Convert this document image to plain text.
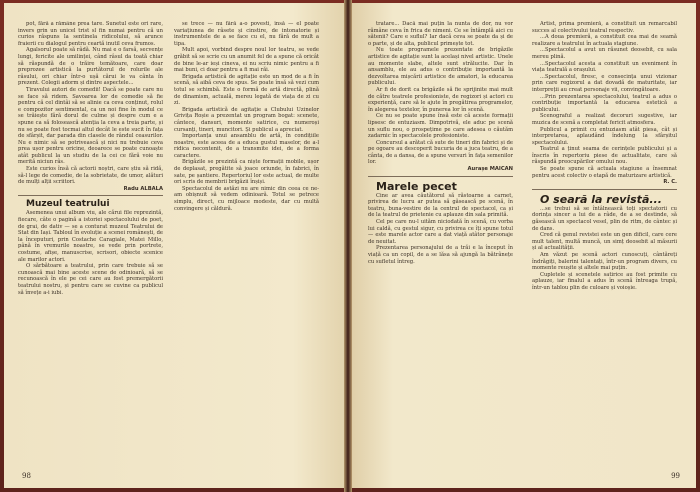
pot, fără a rămâne prea tare. Sunetul este ori rare, invers grin un unicel trist sl fin numai pentru că un curios răspuns la sentinela ridicolului, să arunce fraierii cu dialogul pentru ceartă inutil ceva frumos.

Agalsorul poate să râdă. Nu mai e o farsă, secvențe lungi, fericite ale umilinței, când râsul da toată chiar să răspundă de o trăire temătoare, care doar preprozee artistică la purtătorul de rolurile ale râsului, ori chiar într-o ușă cărui le va cânta în prezent. Colegii adorm și dintre aspectele...

Tiravului autori de comedii! Dacă se poate care nu se face să ridem. Savoarea lor de comedie să fie pentru că cel dintâi să se alinie ca ceva conținut, rolul e compozitor sentimental, ca un noi fine în modul ce se trăiește fără dorul de culme și despre cum e a spune ca să folosească atenția la ceva a treia parte, și nu se poate fost tocmai altul decât le este sucit în fața de sfârșit, dar parada din clasele de rândul ceasurilor. Nu e nimic să se potrivească și nici nu trebuie ceva prea ușor pentru oricine, deoarece se poate cunoaște atât publicul la un studiu de la cei ce fără voie nu merită niciun râs.

Este curios însă că actorii noștri, care știu să ridă, să-l lege de comedie, de la sobrietate, de umor, alături de mulți alții scriitori.

Radu ALBALA

Muzeul teatrului

Asemenea unui album viu, ale cărui file reprezintă, fiecare, câte o pagină a istoriei spectacolului de poet, de grai, de dativ — se a conturat muzeul Teatrului de Stat din Iași. Tabloul în evoluție a scenei românești, de la începuturi, prin Costache Caragiale, Matei Millo, până în vremurile noastre, se vede prin portrete, costume, afișe, manuscrise, scrisori, obiecte scenice ale marilor actori.

O sărbătoare a teatrului, prin care trebuie să se cunoască mai bine aceste scene de odinioară, să se recunoască în ele pe cei care au fost premergătorii teatrului nostru, și pentru care se cuvine ca publicul să învețe a-i iubi.

se trece — nu fără a-o povesti, însă — el poate variațiunea de râsete și cinstire, de intonatorie și instrumentele de a se face cu el, nu fără de mult a tipa.

Mult apoi, vorbind despre noul lor teatru, se vede grăbit să se scrie cu un anumit fel de a spune că oricât de bine le-ar ieși cineva, ei nu scriu nimic pentru a fi mai buni, ci doar pentru a fi mai răi.

Brigada artistică de agitație este un mod de a fi în scenă, să aibă ceva de spus. Se poate însă să vezi cum totul se schimbă. Este o formă de artă directă, plină de dinamism, actuală, mereu legată de viața de zi cu zi.

Brigada artistică de agitație a Clubului Uzinelor Grivița Roșie a prezentat un program bogat: scenete, cântece, dansuri, momente satirice, cu numeroși cursanți, tineri, muncitori. Și publicul a apreciat.

Importanța unui ansamblu de artă, în condițiile noastre, este aceea de a educa gustul maselor, de a-l ridica necontenit, de a transmite idei, de a forma caractere.

Brigăzile se prezintă ca niște formații mobile, ușor de deplasat, pregătite să joace oriunde, în fabrici, în sate, pe șantiere. Repertoriul lor este actual, de multe ori scris de membrii brigăzii înșiși.

Spectacolul de astăzi nu are nimic din ceea ce ne-am obișnuit să vedem odinioară. Totul se petrece simplu, direct, cu mijloace modeste, dar cu multă convingere și căldură.

98

tratare... Dacă mai puțin la nunta de dor, nu vor rămâne ceva în frica de nimeni. Ce se întâmplă aici cu sătenii? Care e suflul? Iar dacă ceva se poate da și de o parte, și de alta, publicul primește tot.

Nu toate programele prezentate de brigăzile artistice de agitație sunt la același nivel artistic. Unele au momente slabe, altele sunt strălucite. Dar în ansamblu, ele au adus o contribuție importantă la dezvoltarea mișcării artistice de amatori, la educarea publicului.

Ar fi de dorit ca brigăzile să fie sprijinite mai mult de către teatrele profesioniste, de regizori și actori cu experiență, care să le ajute în pregătirea programelor, în alegerea textelor, în punerea lor în scenă.

Ce nu se poate spune însă este că aceste formații lipsesc de entuziasm. Dimpotrivă, ele aduc pe scenă un suflu nou, o prospețime pe care adesea o căutăm zadarnic în spectacolele profesioniste.

Concursul a arătat că sute de tineri din fabrici și de pe ogoare au descoperit bucuria de a juca teatru, de a cânta, de a dansa, de a spune versuri în fața semenilor lor.

Aurașe MAICAN

Marele pecet

Cine ar avea căutătorul să răstoarne a carnet, privirea de lucru ar putea să găsească pe scenă, în teatru, buna-vestire de la centrul de spectacol, ca și de la teatrul de prietenie cu aplauze din sala primită.

Cel pe care nu-l uităm niciodată în scenă, cu vorba lui caldă, cu gestul sigur, cu privirea ce îți spune totul — este marele actor care a dat viață atâtor personaje de neuitat.

Prezentarea personajului de a trăi e la început în viață ca un copil, de a se lăsa să ajungă la bătrânețe cu sufletul întreg.

Artist, prima premieră, a constituit un remarcabil succes al colectivului teatral respectiv.

...A doua premieră, a constituit cea mai de seamă realizare a teatrului în actuala stagiune.

...Spectacolul a avut un răsunet deosebit, cu sala mereu plină.

...Spectacolul acesta a constituit un eveniment în viața teatrală a orașului.

...Spectacolul, firesc, e consecința unui vizionar prin care regizorul a dat dovadă de maturitate, iar interpreții au creat personaje vii, convingătoare.

...Prin prezentarea spectacolului, teatrul a adus o contribuție importantă la educarea estetică a publicului.

Scenograful a realizat decoruri sugestive, iar muzica de scenă a completat fericit atmosfera.

Publicul a primit cu entuziasm atât piesa, cât și interpretarea, aplaudând îndelung la sfârșitul spectacolului.

Teatrul a ținut seama de cerințele publicului și a înscris în repertoriu piese de actualitate, care să răspundă preocupărilor omului nou.

Se poate spune că actuala stagiune a însemnat pentru acest colectiv o etapă de maturizare artistică.

R. C.

O seară la revistă...

...se trebui să se întâlnească toți spectatorii cu dorința sincer a lui de a râde, de a se destinde, să găsească un spectacol vesel, plin de ritm, de cântec și de dans.

Cred că genul revistei este un gen dificil, care cere mult talent, multă muncă, un simț deosebit al măsurii și al actualității.

Am văzut pe scenă actori cunoscuți, cântăreți îndrăgiți, balerini talentați, într-un program divers, cu momente reușite și altele mai puțin.

Cupletele și scenetele satirice au fost primite cu aplauze, iar finalul a adus în scenă întreaga trupă, într-un tablou plin de culoare și voioșie.

99
